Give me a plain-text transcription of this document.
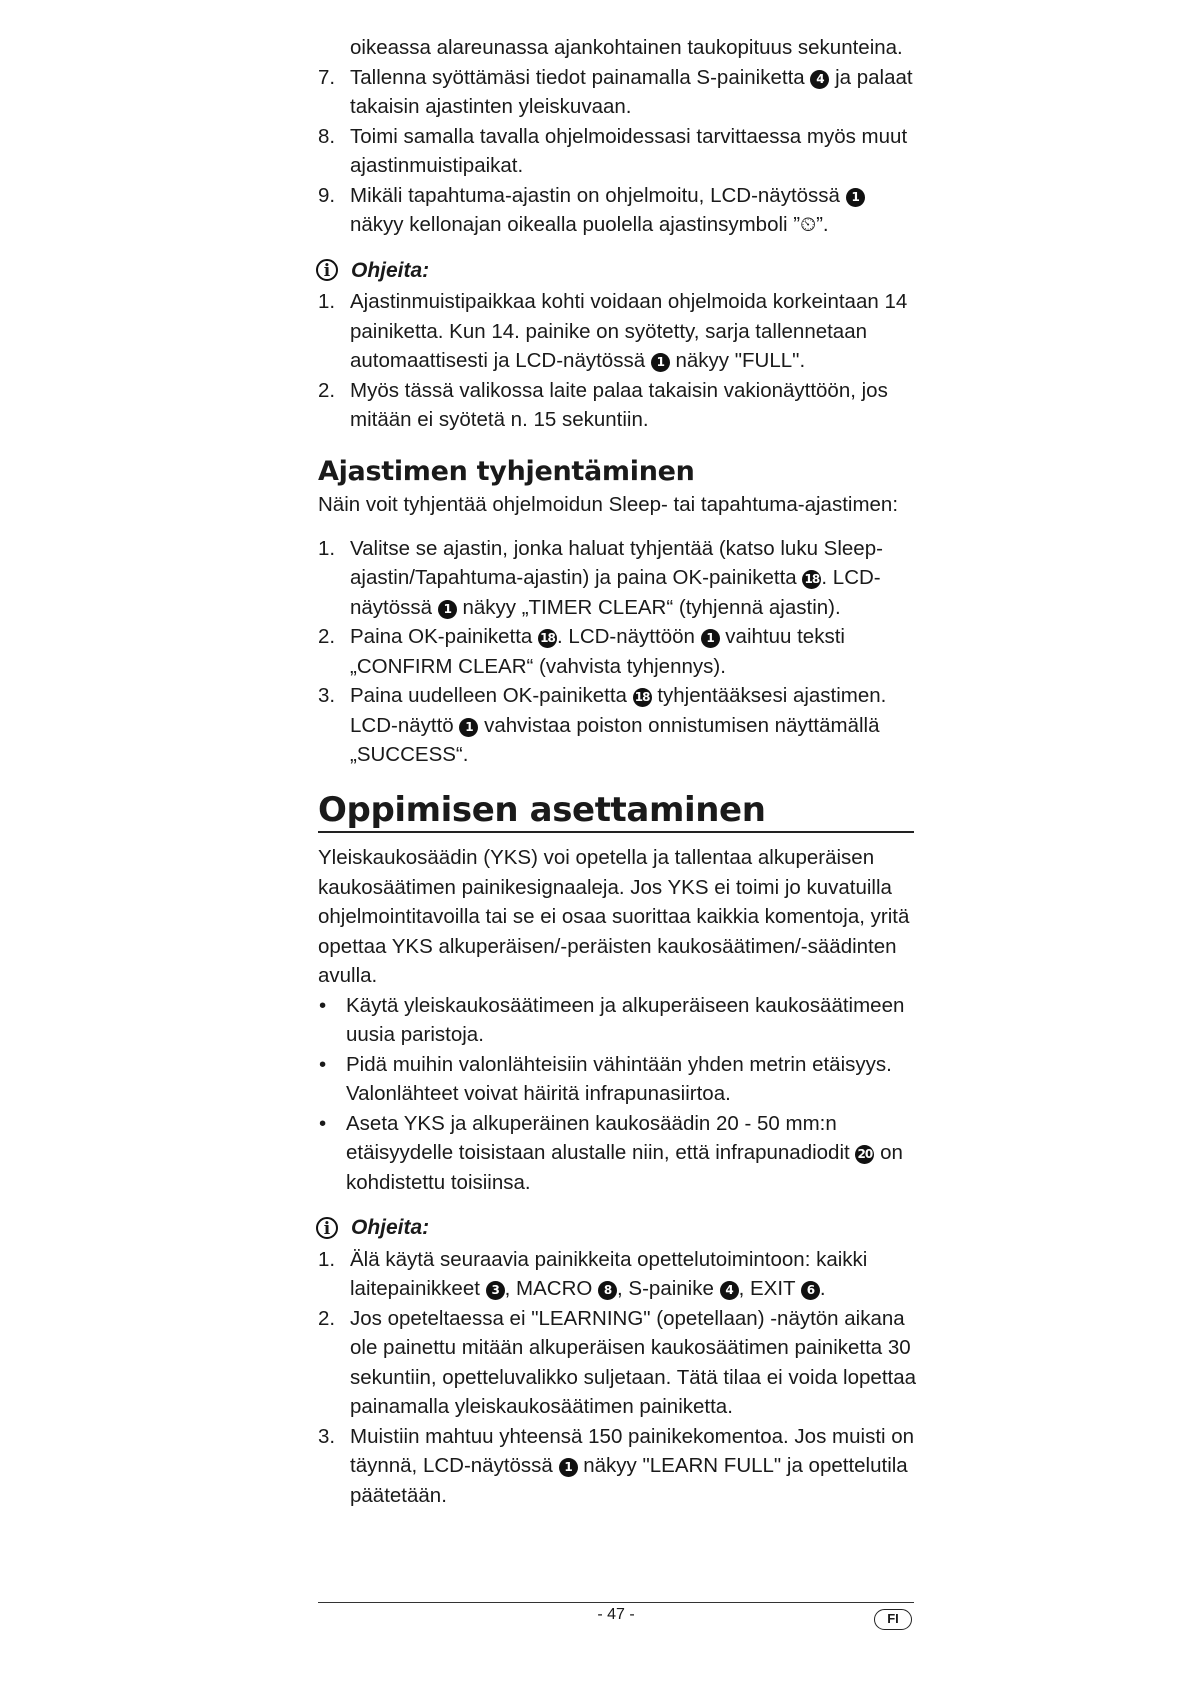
oikeassa alareunassa ajankohtainen taukopituus sekunteina.

7. Tallenna syöttämäsi tiedot painamalla S-painiketta 4 ja palaat takaisin ajastinten yleiskuvaan.
8. Toimi samalla tavalla ohjelmoidessasi tarvittaessa myös muut ajastinmuistipaikat.
9. Mikäli tapahtuma-ajastin on ohjelmoitu, LCD-näytössä 1 näkyy kellonajan oikealla puolella ajastinsymboli ”⏲”.
i Ohjeita:
1. Ajastinmuistipaikkaa kohti voidaan ohjelmoida korkeintaan 14 painiketta. Kun 14. painike on syötetty, sarja tallennetaan automaattisesti ja LCD-näytössä 1 näkyy "FULL".
2. Myös tässä valikossa laite palaa takaisin vakionäyttöön, jos mitään ei syötetä n. 15 sekuntiin.
Ajastimen tyhjentäminen

Näin voit tyhjentää ohjelmoidun Sleep- tai tapahtuma-ajastimen:

1. Valitse se ajastin, jonka haluat tyhjentää (katso luku Sleep-ajastin/Tapahtuma-ajastin) ja paina OK-painiketta 18 . LCD-näytössä 1 näkyy „TIMER CLEAR“ (tyhjennä ajastin).
2. Paina OK-painiketta 18 . LCD-näyttöön 1 vaihtuu teksti „CONFIRM CLEAR“ (vahvista tyhjennys).
3. Paina uudelleen OK-painiketta 18 tyhjentääksesi ajastimen. LCD-näyttö 1 vahvistaa poiston onnistumisen näyttämällä „SUCCESS“.
Oppimisen asettaminen

Yleiskaukosäädin (YKS) voi opetella ja tallentaa alkuperäisen kaukosäätimen painikesignaaleja. Jos YKS ei toimi jo kuvatuilla ohjelmointitavoilla tai se ei osaa suorittaa kaikkia komentoja, yritä opettaa YKS alkuperäisen/-peräisten kaukosäätimen/-säädinten avulla.

• Käytä yleiskaukosäätimeen ja alkuperäiseen kaukosäätimeen uusia paristoja.
• Pidä muihin valonlähteisiin vähintään yhden metrin etäisyys. Valonlähteet voivat häiritä infrapunasiirtoa.
• Aseta YKS ja alkuperäinen kaukosäädin 20 - 50 mm:n etäisyydelle toisistaan alustalle niin, että infrapunadiodit 20 on kohdistettu toisiinsa.
i Ohjeita:
1. Älä käytä seuraavia painikkeita opettelutoimintoon: kaikki laitepainikkeet 3 , MACRO 8 , S-painike 4 , EXIT 6 .
2. Jos opeteltaessa ei "LEARNING" (opetellaan) -näytön aikana ole painettu mitään alkuperäisen kaukosäätimen painiketta 30 sekuntiin, opetteluvalikko suljetaan. Tätä tilaa ei voida lopettaa painamalla yleiskaukosäätimen painiketta.
3. Muistiin mahtuu yhteensä 150 painikekomentoa. Jos muisti on täynnä, LCD-näytössä 1 näkyy "LEARN FULL" ja opettelutila päätetään.
- 47 -	FI
